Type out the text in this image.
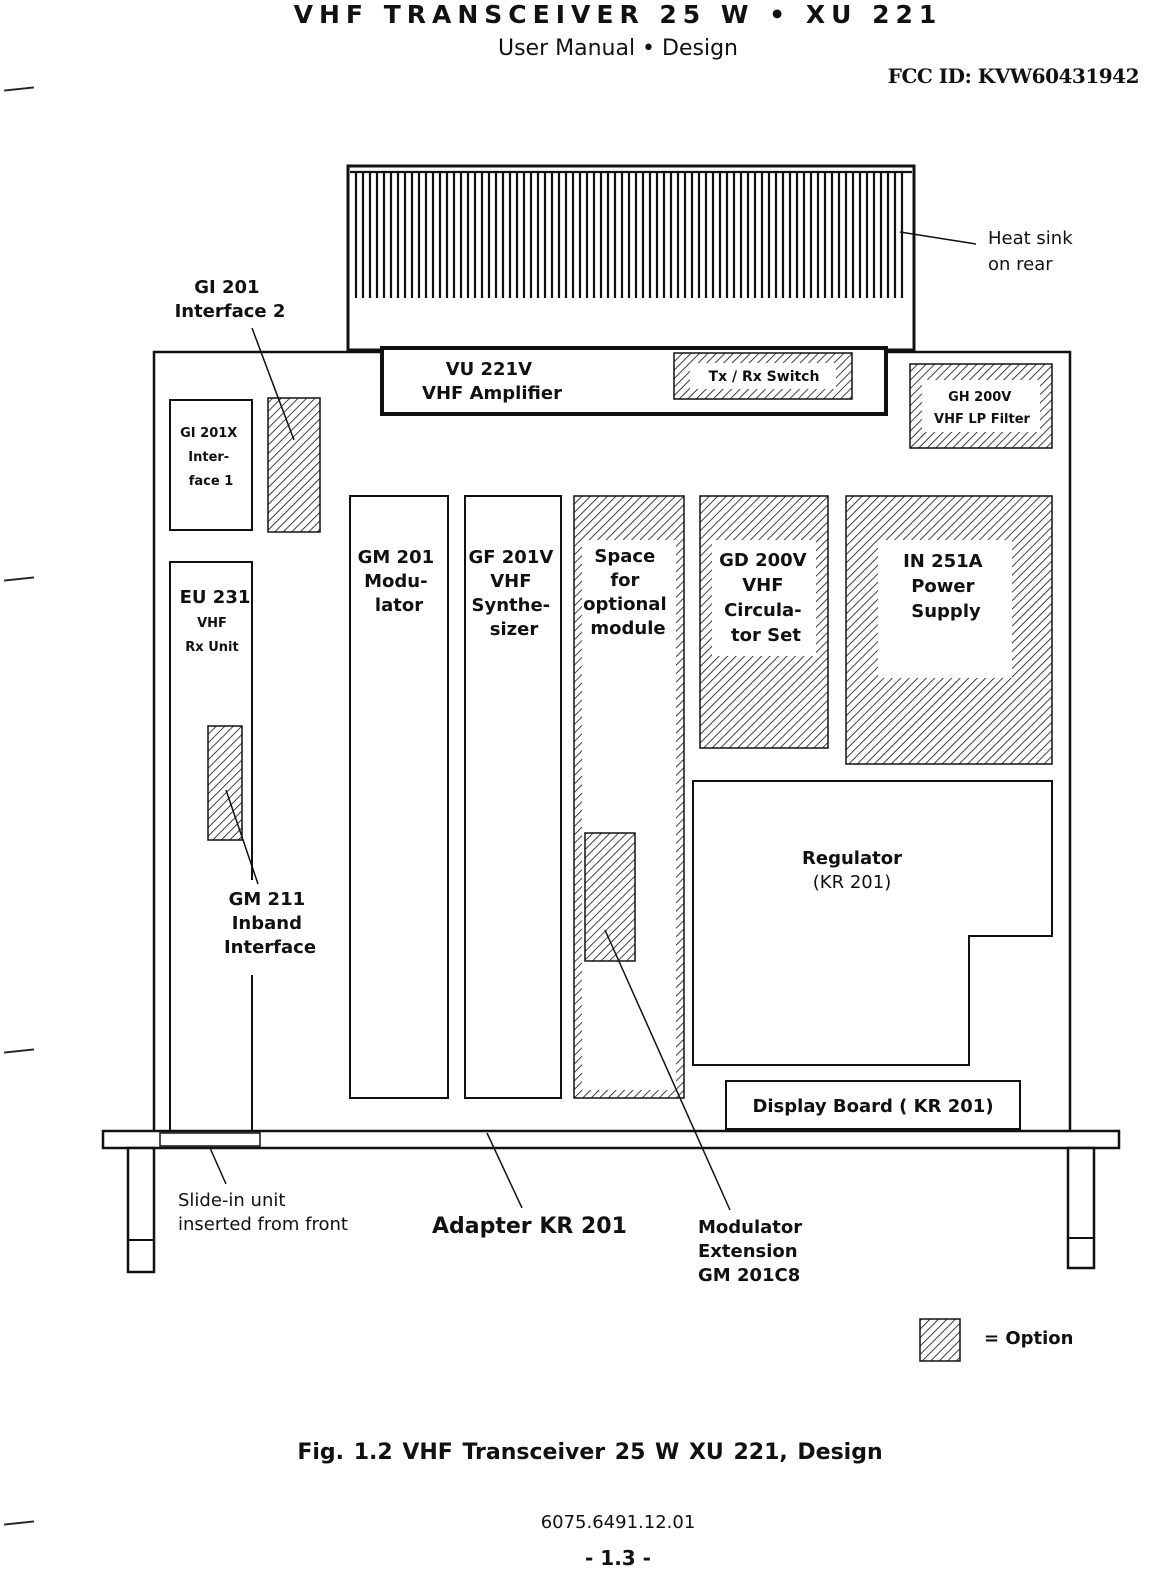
VHF TRANSCEIVER 25 W • XU 221
User Manual • Design
FCC ID: KVW60431942
Heat sink on rear
VU 221V VHF Amplifier
Tx / Rx Switch
GH 200V VHF LP Filter
GI 201 Interface 2
GI 201X Inter- face 1
EU 231
VHF
Rx Unit
GM 211 Inband Interface
GM 201 Modu- lator
GF 201V VHF Synthe- sizer
Space for optional module
GD 200V VHF Circula- tor Set
IN 251A Power Supply
Regulator
(KR 201)
Display Board ( KR 201)
Slide-in unit inserted from front	Adapter KR 201	Modulator Extension GM 201C8
= Option
Fig. 1.2 VHF Transceiver 25 W XU 221, Design
6075.6491.12.01
- 1.3 -
